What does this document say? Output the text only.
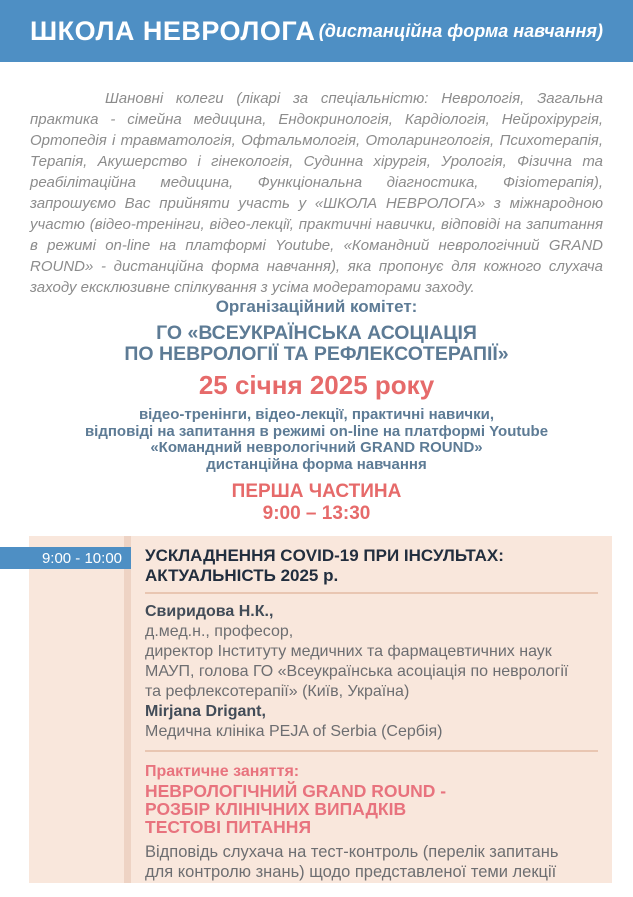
ШКОЛА НЕВРОЛОГА (дистанційна форма навчання)

Шановні колеги (лікарі за спеціальністю: Неврологія, Загальна практика - сімейна медицина, Ендокринологія, Кардіологія, Нейрохірургія, Ортопедія і травматологія, Офтальмологія, Отоларингологія, Психотерапія, Терапія, Акушерство і гінекологія, Судинна хірургія, Урологія, Фізична та реабілітаційна медицина, Функціональна діагностика, Фізіотерапія), запрошуємо Вас прийняти участь у «ШКОЛА НЕВРОЛОГА» з міжнародною участю (відео-тренінги, відео-лекції, практичні навички, відповіді на запитання в режимі on-line на платформі Youtube, «Командний неврологічний GRAND ROUND» - дистанційна форма навчання), яка пропонує для кожного слухача заходу ексклюзивне спілкування з усіма модераторами заходу.

Організаційний комітет:
ГО «ВСЕУКРАЇНСЬКА АСОЦІАЦІЯ
ПО НЕВРОЛОГІЇ ТА РЕФЛЕКСОТЕРАПІЇ»
25 січня 2025 року
відео-тренінги, відео-лекції, практичні навички,
відповіді на запитання в режимі on-line на платформі Youtube
«Командний неврологічний GRAND ROUND»
дистанційна форма навчання
ПЕРША ЧАСТИНА
9:00 – 13:30
9:00 - 10:00	УСКЛАДНЕННЯ COVID-19 ПРИ ІНСУЛЬТАХ:
АКТУАЛЬНІСТЬ 2025 р.
Свиридова Н.К.,
д.мед.н., професор,
директор Інституту медичних та фармацевтичних наук
МАУП, голова ГО «Всеукраїнська асоціація по неврології
та рефлексотерапії» (Київ, Україна)
Mirjana Drigant,
Медична клініка PEJA of Serbia (Сербія)
Практичне заняття:
НЕВРОЛОГІЧНИЙ GRAND ROUND -
РОЗБІР КЛІНІЧНИХ ВИПАДКІВ
ТЕСТОВІ ПИТАННЯ
Відповідь слухача на тест-контроль (перелік запитань
для контролю знань) щодо представленої теми лекції
